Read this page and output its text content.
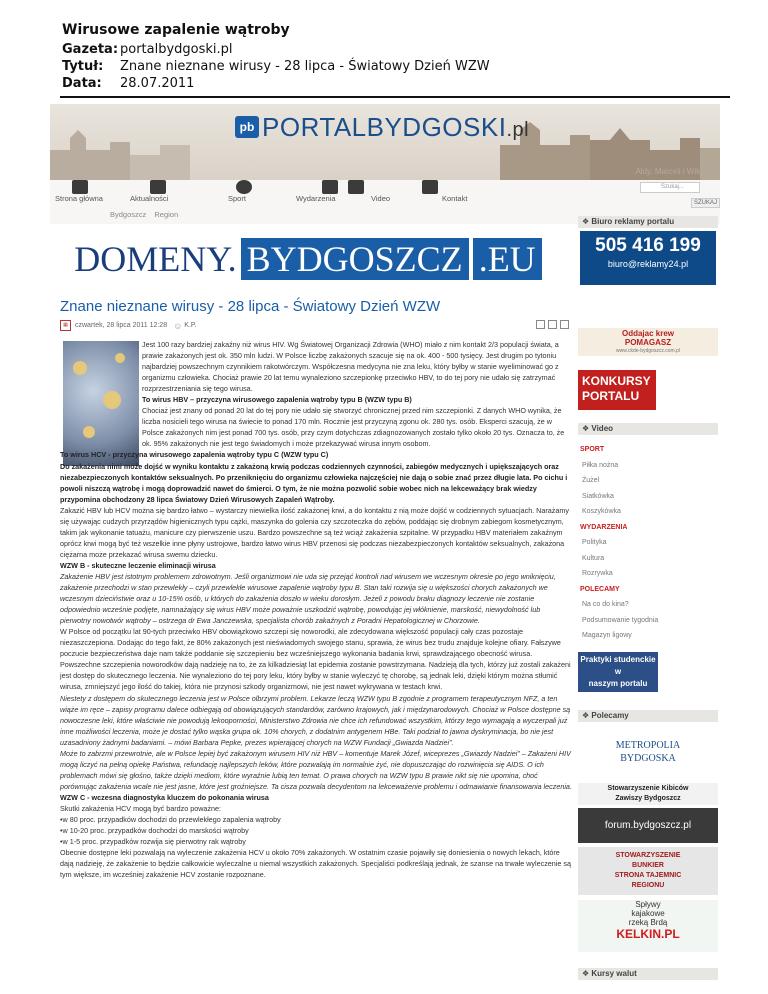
Wirusowe zapalenie wątroby
Gazeta: portalbydgoski.pl
Tytuł: Znane nieznane wirusy - 28 lipca - Światowy Dzień WZW
Data: 28.07.2011
pb PORTALBYDGOSKI.pl
Aldy, Marceli i Wiktora
Strona główna	Aktualności	Sport	Wydarzenia	Video	Kontakt
Szukaj...
SZUKAJ
Bydgoszcz Region
❖ Biuro reklamy portalu
DOMENY. BYDGOSZCZ .EU	505 416 199
biuro@reklamy24.pl
Znane nieznane wirusy - 28 lipca - Światowy Dzień WZW
▦	czwartek, 28 lipca 2011 12:28 ☺ K.P.

Jest 100 razy bardziej zakaźny niż wirus HIV. Wg Światowej Organizacji Zdrowia (WHO) miało z nim kontakt 2/3 populacji świata, a prawie zakażonych jest ok. 350 mln ludzi. W Polsce liczbę zakażonych szacuje się na ok. 400 - 500 tysięcy. Jest drugim po tytoniu najbardziej powszechnym czynnikiem rakotwórczym. Współczesna medycyna nie zna leku, który byłby w stanie wyeliminować go z organizmu człowieka. Chociaż prawie 20 lat temu wynaleziono szczepionkę przeciwko HBV, to do tej pory nie udało się zatrzymać rozprzestrzeniania się tego wirusa.

To wirus HBV – przyczyna wirusowego zapalenia wątroby typu B (WZW typu B)

Chociaż jest znany od ponad 20 lat do tej pory nie udało się stworzyć chronicznej przed nim szczepionki. Z danych WHO wynika, że liczba nosicieli tego wirusa na świecie to ponad 170 mln. Rocznie jest przyczyną zgonu ok. 280 tys. osób. Eksperci szacują, że w Polsce zakażonych nim jest ponad 700 tys. osób, przy czym dotychczas zdiagnozowanych zostało tylko około 20 tys. Oznacza to, że ok. 95% zakażonych nie jest tego świadomych i może przekazywać wirusa innym osobom.

To wirus HCV - przyczyna wirusowego zapalenia wątroby typu C (WZW typu C)

Do zakażenia nimi może dojść w wyniku kontaktu z zakażoną krwią podczas codziennych czynności, zabiegów medycznych i upiększających oraz niezabezpieczonych kontaktów seksualnych. Po przeniknięciu do organizmu człowieka najczęściej nie dają o sobie znać przez długie lata. Po cichu i powoli niszczą wątrobę i mogą doprowadzić nawet do śmierci. O tym, że nie można pozwolić sobie wobec nich na lekceważący brak wiedzy przypomina obchodzony 28 lipca Światowy Dzień Wirusowych Zapaleń Wątroby.

Zakazić HBV lub HCV można się bardzo łatwo – wystarczy niewielka ilość zakażonej krwi, a do kontaktu z nią może dojść w codziennych sytuacjach. Narażamy się używając cudzych przyrządów higienicznych typu cążki, maszynka do golenia czy szczoteczka do zębów, poddając się drobnym zabiegom kosmetycznym, takim jak wykonanie tatuażu, manicure czy pierwszenie uszu. Bardzo powszechne są też wciąż zakażenia szpitalne. W przypadku HBV materiałem zakaźnym oprócz krwi mogą być też wszelkie inne płyny ustrojowe, bardzo łatwo wirus HBV przenosi się podczas niezabezpieczonych kontaktów seksualnych, zakażona ciężarna może przekazać wirusa swemu dziecku.

WZW B - skuteczne leczenie eliminacji wirusa

Zakażenie HBV jest istotnym problemem zdrowotnym. Jeśli organizmowi nie uda się przejąć kontroli nad wirusem we wczesnym okresie po jego wniknięciu, zakażenie przechodzi w stan przewlekły – czyli przewlekłe wirusowe zapalenie wątroby typu B. Stan taki rozwija się u większości chorych zakażonych we wczesnym dzieciństwie oraz u 10-15% osób, u których do zakażenia doszło w wieku dorosłym. Jeżeli z powodu braku diagnozy leczenie nie zostanie odpowiednio wcześnie podjęte, namnażający się wirus HBV może poważnie uszkodzić wątrobę, powodując jej włóknienie, marskość, niewydolność lub pierwotny nowotwór wątroby – ostrzega dr Ewa Janczewska, specjalista chorób zakaźnych z Poradni Hepatologicznej w Chorzowie.

W Polsce od początku lat 90-tych przeciwko HBV obowiązkowo szczepi się noworodki, ale zdecydowana większość populacji cały czas pozostaje niezaszczepiona. Dodając do tego fakt, że 80% zakażonych jest nieświadomych swojego stanu, sprawia, że wirus bez trudu znajduje kolejne ofiary. Fałszywe poczucie bezpieczeństwa daje nam także poddanie się szczepieniu bez wcześniejszego wykonania badania krwi, sprawdzającego obecność wirusa.

Powszechne szczepienia noworodków dają nadzieję na to, że za kilkadziesiąt lat epidemia zostanie powstrzymana. Nadzieją dla tych, którzy już zostali zakażeni jest dostęp do skutecznego leczenia. Nie wynaleziono do tej pory leku, który byłby w stanie wyleczyć tę chorobę, są jednak leki, dzięki którym można stłumić wirusa, zmniejszyć jego ilość do takiej, która nie przynosi szkody organizmowi, nie jest nawet wykrywana w testach krwi.

Niestety z dostępem do skutecznego leczenia jest w Polsce olbrzymi problem. Lekarze leczą WZW typu B zgodnie z programem terapeutycznym NFZ, a ten wiąże im ręce – zapisy programu dalece odbiegają od obowiązujących standardów, zarówno krajowych, jak i międzynarodowych. Chociaż w Polsce dostępne są nowoczesne leki, które właściwie nie powodują lekooporności, Ministerstwo Zdrowia nie chce ich refundować wszystkim, którzy tego wymagają a wyczerpali już inne możliwości leczenia, może je dostać tylko wąska grupa ok. 10% chorych, z dodatnim antygenem HBe. Taki podział to jawna dyskryminacja, bo nie jest uzasadniony żadnymi badaniami. – mówi Barbara Pepke, prezes wpierającej chorych na WZW Fundacji „Gwiazda Nadziei”.

Może to zabrzmi przewrotnie, ale w Polsce lepiej być zakażonym wirusem HIV niż HBV – komentuje Marek Józef, wiceprezes „Gwiazdy Nadziei” – Zakażeni HIV mogą liczyć na pełną opiekę Państwa, refundację najlepszych leków, które pozwalają im normalnie żyć, nie dopuszczając do rozwinięcia się AIDS. O ich problemach mówi się głośno, także dzięki mediom, które wyraźnie lubią ten temat. O prawa chorych na WZW typu B prawie nikt się nie upomina, choć porównując zakażenia wcale nie jest jasne, które jest groźniejsze. Ta cisza pozwala decydentom na lekceważenie problemu i odmawianie finansowania leczenia.

WZW C - wczesna diagnostyka kluczem do pokonania wirusa

Skutki zakażenia HCV mogą być bardzo poważne:

•w 80 proc. przypadków dochodzi do przewlekłego zapalenia wątroby

•w 10-20 proc. przypadków dochodzi do marskości wątroby

•w 1-5 proc. przypadków rozwija się pierwotny rak wątroby

Obecnie dostępne leki pozwalają na wyleczenie zakażenia HCV u około 70% zakażonych. W ostatnim czasie pojawiły się doniesienia o nowych lekach, które dają nadzieję, że zakażenie to będzie całkowicie wyleczalne u niemal wszystkich zakażonych. Specjaliści podkreślają jednak, że szanse na trwałe wyleczenie są tym większe, im wcześniej zakażenie HCV zostanie rozpoznane.

Oddajac krew
POMAGASZ
www.ckde-bydgoszcz.com.pl
KONKURSY
PORTALU
❖ Video
SPORT
Piłka nożna
Żużel
Siatkówka
Koszykówka
WYDARZENIA
Polityka
Kultura
Rozrywka
POLECAMY
Na co do kina?
Podsumowanie tygodnia
Magazyn ligowy
Praktyki studenckie
w
naszym portalu
❖ Polecamy
METROPOLIA
BYDGOSKA
Stowarzyszenie Kibiców
Zawiszy Bydgoszcz
forum.bydgoszcz.pl
STOWARZYSZENIE
BUNKIER
STRONA TAJEMNIC
REGIONU
Spływy
kajakowe
rzeką Brdą
KELKIN.PL
❖ Kursy walut
